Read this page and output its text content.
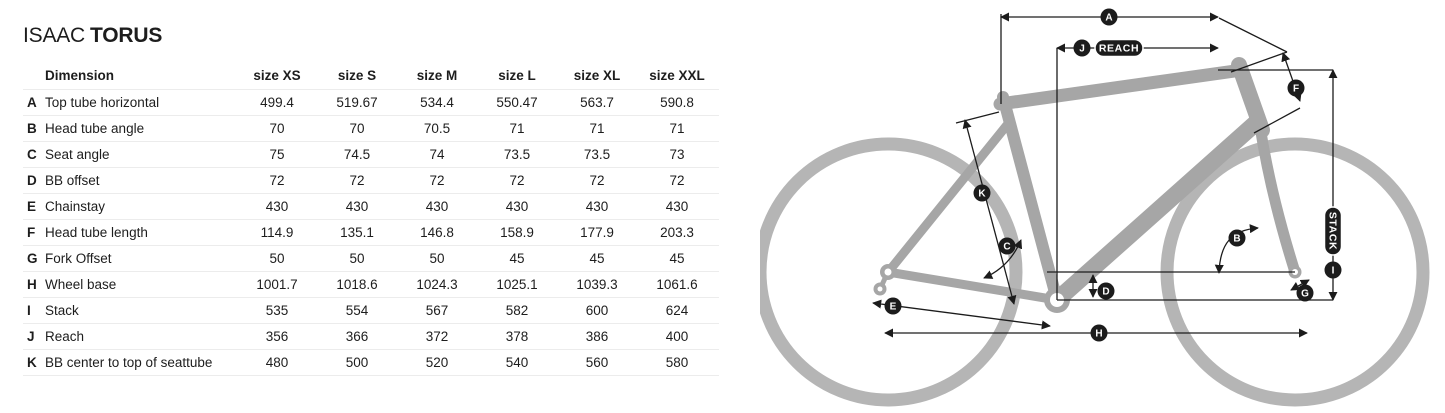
ISAAC TORUS
Dimension	size XS	size S	size M	size L	size XL	size XXL
A Top tube horizontal	499.4	519.67	534.4	550.47	563.7	590.8
B Head tube angle	70	70	70.5	71	71	71
C Seat angle	75	74.5	74	73.5	73.5	73
D BB offset	72	72	72	72	72	72
E Chainstay	430	430	430	430	430	430
F Head tube length	114.9	135.1	146.8	158.9	177.9	203.3
G Fork Offset	50	50	50	45	45	45
H Wheel base	1001.7	1018.6	1024.3	1025.1	1039.3	1061.6
I	Stack	535	554	567	582	600	624
J Reach	356	366	372	378	386	400
K BB center to top of seattube	480	500	520	540	560	580
REACH
STACK
A
J
F
K
C
B
D	G
E
H
I
